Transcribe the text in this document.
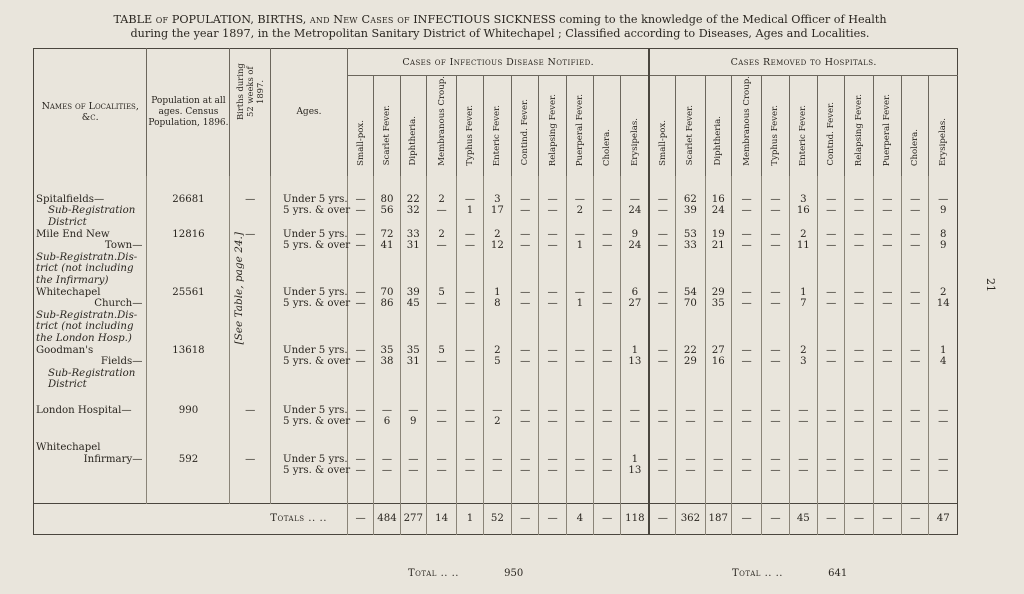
TABLE of POPULATION, BIRTHS, and New Cases of INFECTIOUS SICKNESS coming to the knowledge of the Medical Officer of Health
during the year 1897, in the Metropolitan Sanitary District of Whitechapel ; Classified according to Diseases, Ages and Localities.
21
Names of Localities, &c.	Population at all ages. Census Population, 1896.	Births during 52 weeks of 1897.	Ages.	Cases of Infectious Disease Notified.											Cases Removed to Hospitals.										

				Small-pox.	Scarlet Fever.	Diphtheria.	Membranous Croup.	Typhus Fever.	Enteric Fever.	Contind. Fever.	Relapsing Fever.	Puerperal Fever.	Cholera.	Erysipelas.	Small-pox.	Scarlet Fever.	Diphtheria.	Membranous Croup.	Typhus Fever.	Enteric Fever.	Contnd. Fever.	Relapsing Fever.	Puerperal Fever.	Cholera.	Erysipelas.

Spitalfields—	26681	—	Under 5 yrs.	—	80	22	2	—	3	—	—	—	—	—	—	62	16	—	—	3	—	—	—	—	—
Sub-Registration			5 yrs. & over	—	56	32	—	1	17	—	—	2	—	24	—	39	24	—	—	16	—	—	—	—	9
District																									
Mile End New	12816	—	Under 5 yrs.	—	72	33	2	—	2	—	—	—	—	9	—	53	19	—	—	2	—	—	—	—	8
Town—		[See Table, page 24.]	5 yrs. & over	—	41	31	—	—	12	—	—	1	—	24	—	33	21	—	—	11	—	—	—	—	9
Sub-Registratn.Dis-																									
trict (not including																									
the Infirmary)																									
Whitechapel	25561		Under 5 yrs.	—	70	39	5	—	1	—	—	—	—	6	—	54	29	—	—	1	—	—	—	—	2
Church—			5 yrs. & over	—	86	45	—	—	8	—	—	1	—	27	—	70	35	—	—	7	—	—	—	—	14
Sub-Registratn.Dis-																									
trict (not including																									
the London Hosp.)																									
Goodman's	13618		Under 5 yrs.	—	35	35	5	—	2	—	—	—	—	1	—	22	27	—	—	2	—	—	—	—	1
Fields—			5 yrs. & over	—	38	31	—	—	5	—	—	—	—	13	—	29	16	—	—	3	—	—	—	—	4
Sub-Registration																									
District																									

London Hospital—	990	—	Under 5 yrs.	—	—	—	—	—	—	—	—	—	—	—	—	—	—	—	—	—	—	—	—	—	—
			5 yrs. & over	—	6	9	—	—	2	—	—	—	—	—	—	—	—	—	—	—	—	—	—	—	—

Whitechapel																									
Infirmary—	592	—	Under 5 yrs.	—	—	—	—	—	—	—	—	—	—	1	—	—	—	—	—	—	—	—	—	—	—
			5 yrs. & over	—	—	—	—	—	—	—	—	—	—	13	—	—	—	—	—	—	—	—	—	—	—

Totals .. ..				—	484	277	14	1	52	—	—	4	—	118	—	362	187	—	—	45	—	—	—	—	47
Total .. ..	950	Total .. ..	641
